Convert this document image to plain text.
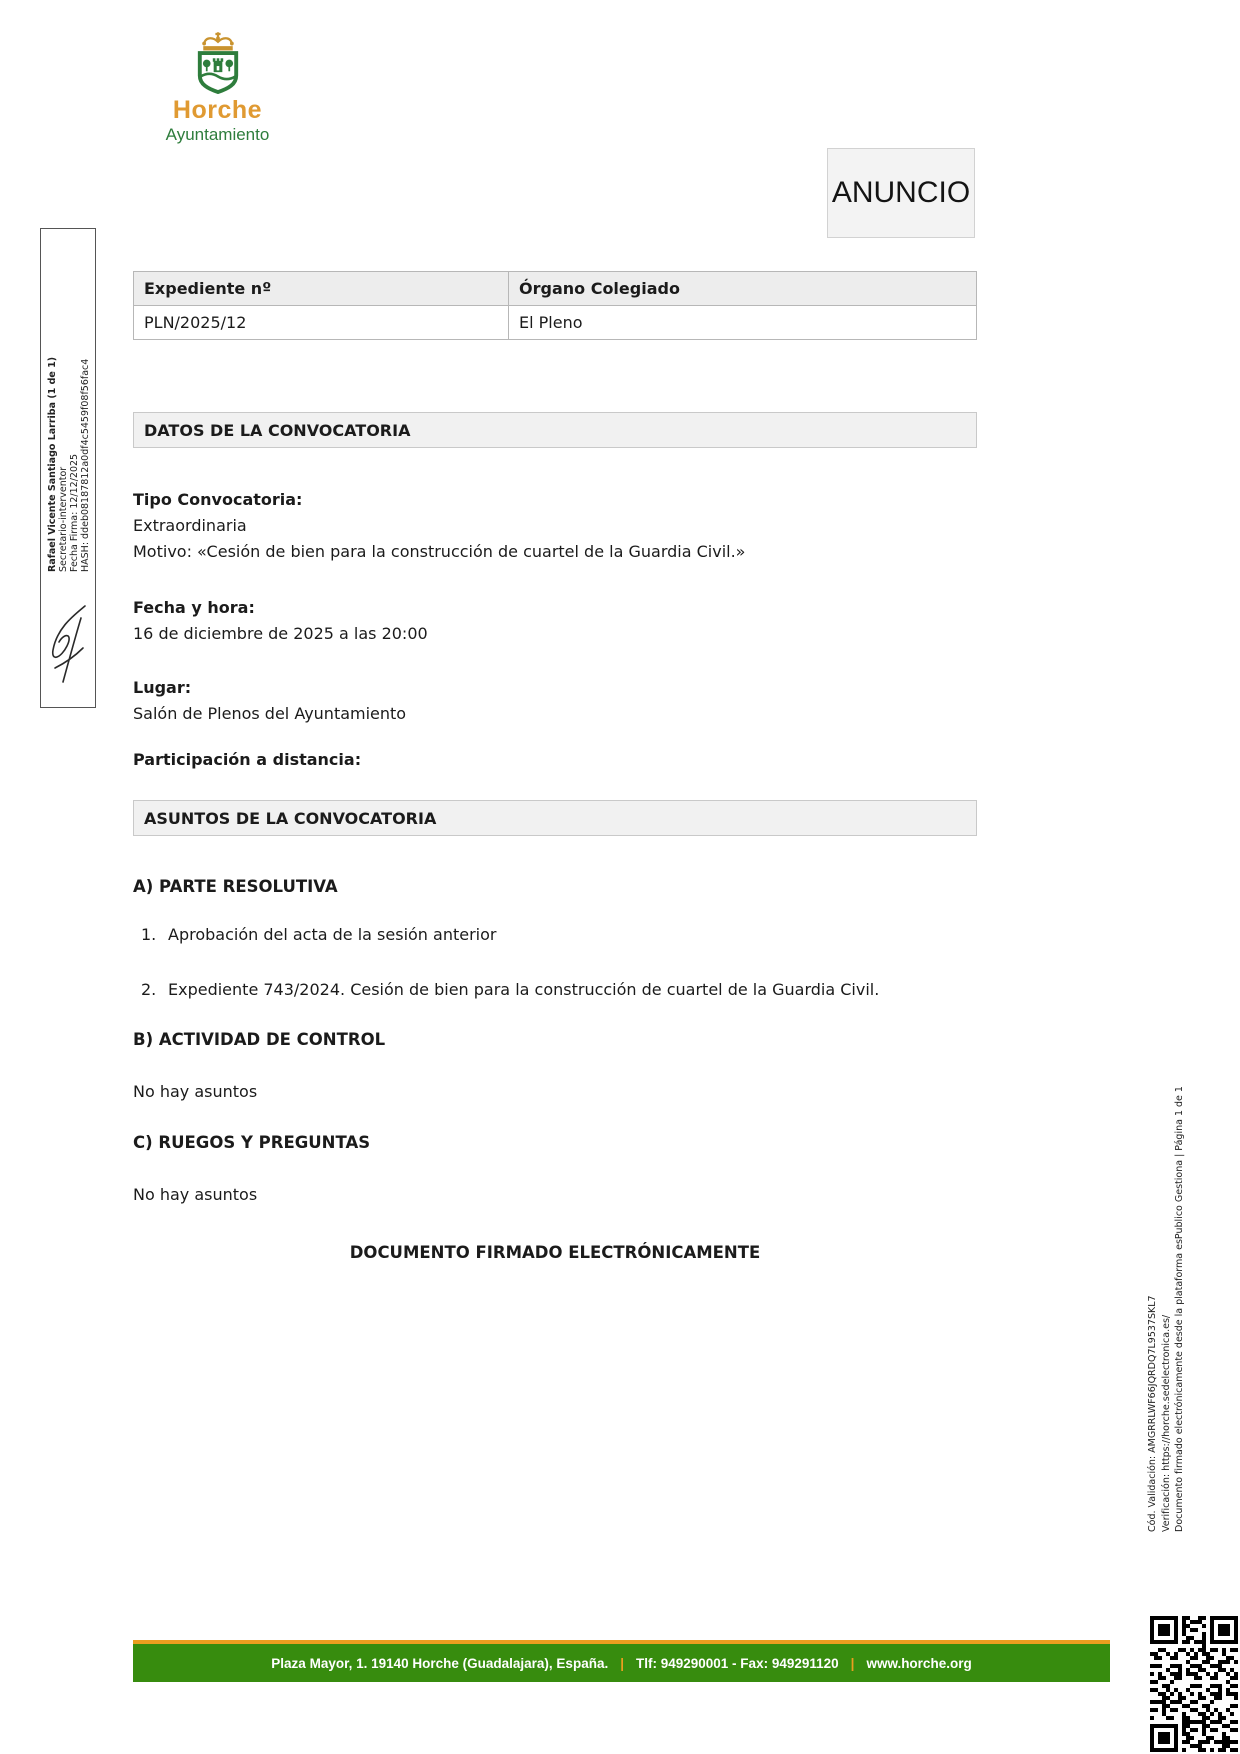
Horche
Ayuntamiento
ANUNCIO
Expediente nº	Órgano Colegiado
PLN/2025/12	El Pleno
DATOS DE LA CONVOCATORIA
Tipo Convocatoria:
Extraordinaria
Motivo: «Cesión de bien para la construcción de cuartel de la Guardia Civil.»
Fecha y hora:
16 de diciembre de 2025 a las 20:00
Lugar:
Salón de Plenos del Ayuntamiento
Participación a distancia:
ASUNTOS DE LA CONVOCATORIA
A) PARTE RESOLUTIVA
1. Aprobación del acta de la sesión anterior
2. Expediente 743/2024. Cesión de bien para la construcción de cuartel de la Guardia Civil.
B) ACTIVIDAD DE CONTROL
No hay asuntos
C) RUEGOS Y PREGUNTAS
No hay asuntos
DOCUMENTO FIRMADO ELECTRÓNICAMENTE
Rafael Vicente Santiago Larriba (1 de 1) Secretario-interventor Fecha Firma: 12/12/2025 HASH: ddeb08187812a0df4c5459f08f56fac4
Cód. Validación: AMGRRLWF66JQRDQ7L9537SKL7 Verificación: https://horche.sedelectronica.es/ Documento firmado electrónicamente desde la plataforma esPublico Gestiona | Página 1 de 1
Plaza Mayor, 1. 19140 Horche (Guadalajara), España. | Tlf: 949290001 - Fax: 949291120 | www.horche.org
